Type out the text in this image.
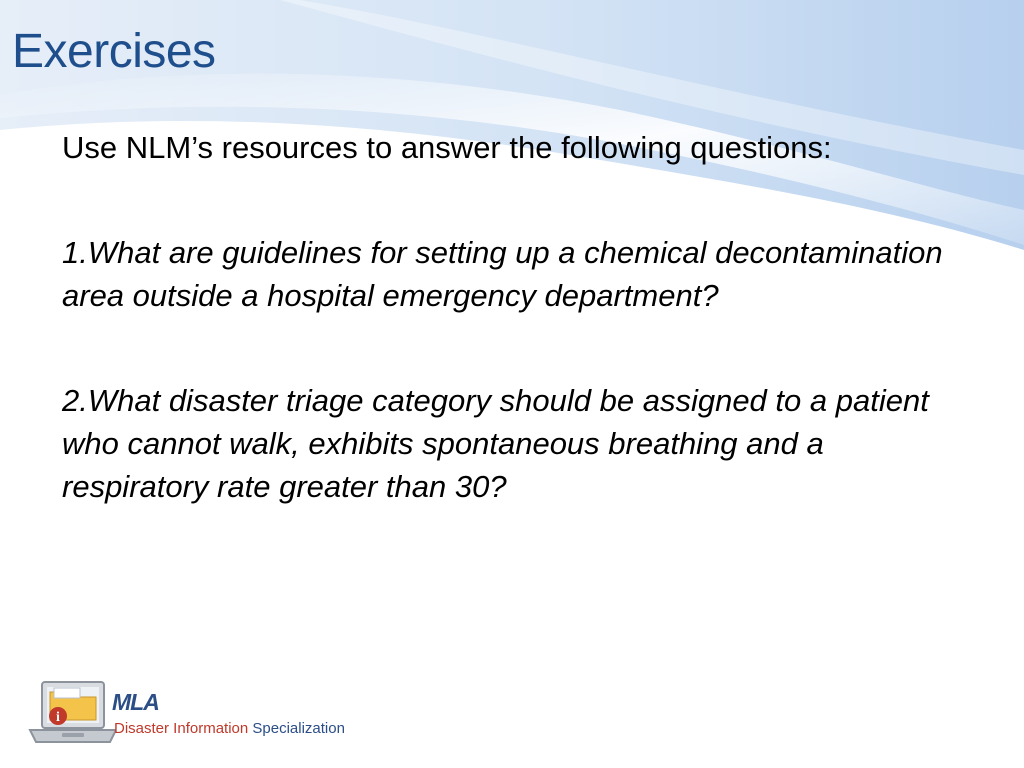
Exercises

Use NLM’s resources to answer the following questions:

1.What are guidelines for setting up a chemical decontamination area outside a hospital emergency department?

2.What disaster triage category should be assigned to a patient who cannot walk, exhibits spontaneous breathing and a respiratory rate greater than 30?

i
MLA
Disaster Information Specialization
